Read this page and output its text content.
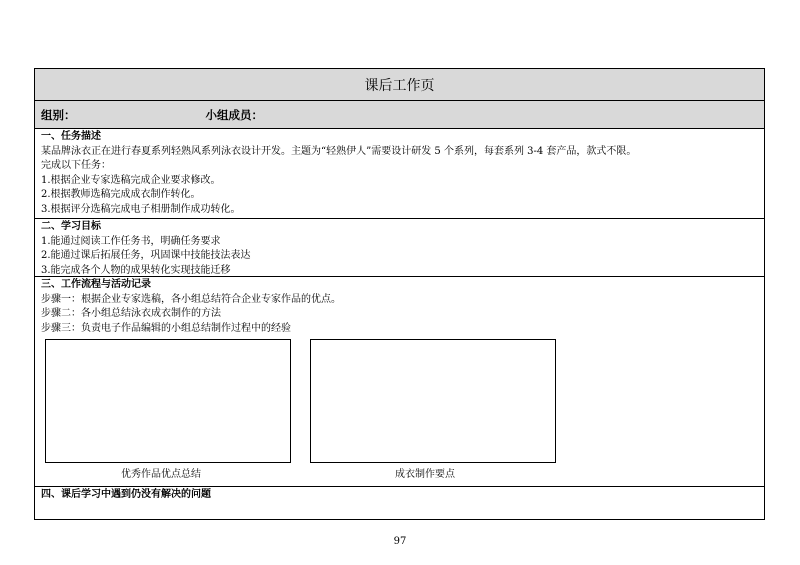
课后工作页
组别：	小组成员：
一、任务描述
某品牌泳衣正在进行春夏系列轻熟风系列泳衣设计开发。主题为“轻熟伊人”需要设计研发 5 个系列，每套系列 3-4 套产品，款式不限。
完成以下任务：
1.根据企业专家选稿完成企业要求修改。
2.根据教师选稿完成成衣制作转化。
3.根据评分选稿完成电子相册制作成功转化。
二、学习目标
1.能通过阅读工作任务书，明确任务要求
2.能通过课后拓展任务，巩固课中技能技法表达
3.能完成各个人物的成果转化实现技能迁移
三、工作流程与活动记录
步骤一：根据企业专家选稿，各小组总结符合企业专家作品的优点。
步骤二：各小组总结泳衣成衣制作的方法
步骤三：负责电子作品编辑的小组总结制作过程中的经验
优秀作品优点总结	成衣制作要点
四、课后学习中遇到仍没有解决的问题
97
